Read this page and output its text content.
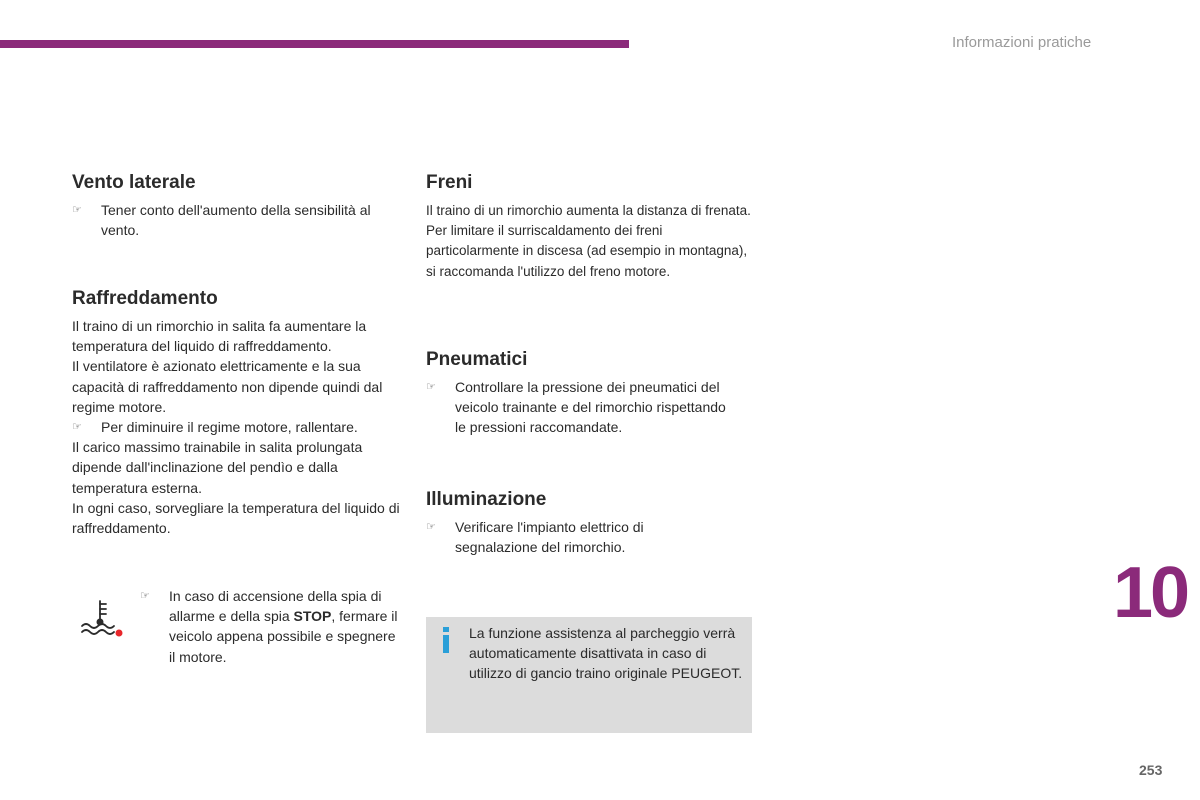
Informazioni pratiche
Vento laterale
☞ Tener conto dell'aumento della sensibilità al vento.
Raffreddamento
Il traino di un rimorchio in salita fa aumentare la temperatura del liquido di raffreddamento.
Il ventilatore è azionato elettricamente e la sua capacità di raffreddamento non dipende quindi dal regime motore.
☞ Per diminuire il regime motore, rallentare.
Il carico massimo trainabile in salita prolungata dipende dall'inclinazione del pendìo e dalla temperatura esterna.
In ogni caso, sorvegliare la temperatura del liquido di raffreddamento.
☞ In caso di accensione della spia di allarme e della spia STOP, fermare il veicolo appena possibile e spegnere il motore.
Freni
Il traino di un rimorchio aumenta la distanza di frenata.
Per limitare il surriscaldamento dei freni particolarmente in discesa (ad esempio in montagna), si raccomanda l'utilizzo del freno motore.
Pneumatici
☞ Controllare la pressione dei pneumatici del veicolo trainante e del rimorchio rispettando le pressioni raccomandate.
Illuminazione
☞ Verificare l'impianto elettrico di segnalazione del rimorchio.
La funzione assistenza al parcheggio verrà automaticamente disattivata in caso di utilizzo di gancio traino originale PEUGEOT.
10
253
